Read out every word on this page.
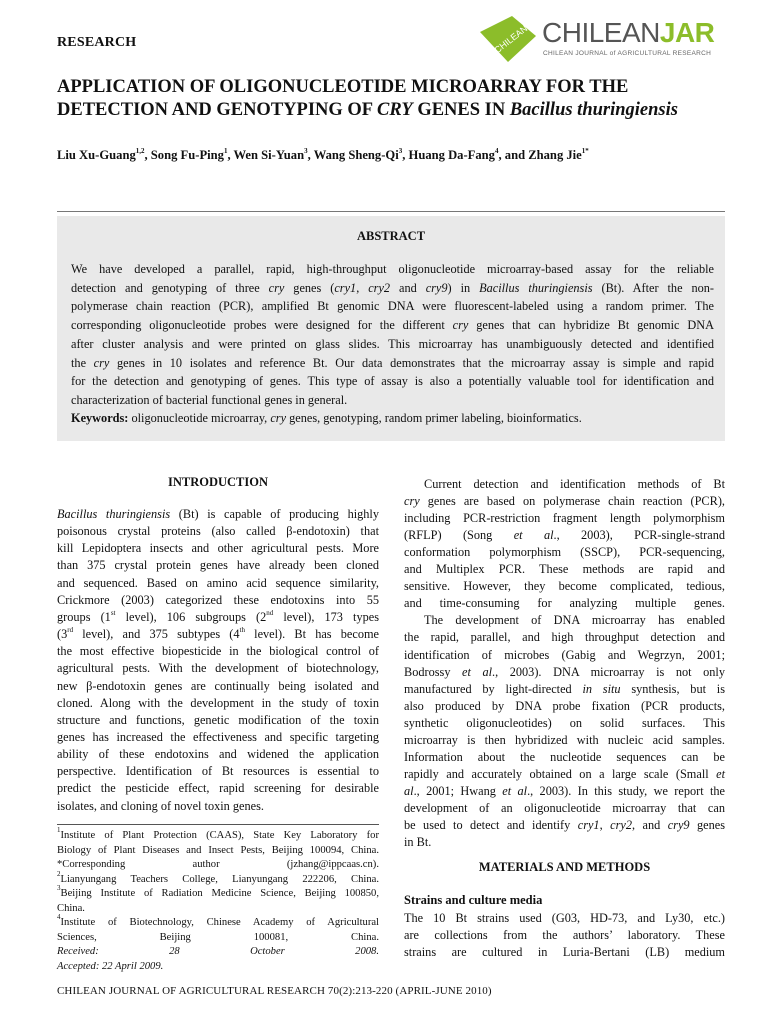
RESEARCH	CHILEAN JAR
CHILEANJAR
CHILEAN JOURNAL of AGRICULTURAL RESEARCH
APPLICATION OF OLIGONUCLEOTIDE MICROARRAY FOR THE
DETECTION AND GENOTYPING OF CRY GENES IN Bacillus thuringiensis
Liu Xu-Guang$^{1,2}$, Song Fu-Ping$^1$, Wen Si-Yuan$^3$, Wang Sheng-Qi$^3$, Huang Da-Fang$^4$, and Zhang Jie$^{1*}$
ABSTRACT
We have developed a parallel, rapid, high-throughput oligonucleotide microarray-based assay for the reliable
detection and genotyping of three cry genes (cry1, cry2 and cry9) in Bacillus thuringiensis (Bt). After the non-
polymerase chain reaction (PCR), amplified Bt genomic DNA were fluorescent-labeled using a random primer. The
corresponding oligonucleotide probes were designed for the different cry genes that can hybridize Bt genomic DNA
after cluster analysis and were printed on glass slides. This microarray has unambiguously detected and identified
the cry genes in 10 isolates and reference Bt. Our data demonstrates that the microarray assay is simple and rapid
for the detection and genotyping of genes. This type of assay is also a potentially valuable tool for identification and
characterization of bacterial functional genes in general.
Keywords: oligonucleotide microarray, cry genes, genotyping, random primer labeling, bioinformatics.
INTRODUCTION
Bacillus thuringiensis (Bt) is capable of producing highly
poisonous crystal proteins (also called β-endotoxin) that
kill Lepidoptera insects and other agricultural pests. More
than 375 crystal protein genes have already been cloned
and sequenced. Based on amino acid sequence similarity,
Crickmore (2003) categorized these endotoxins into 55
groups (1st level), 106 subgroups (2nd level), 173 types
(3rd level), and 375 subtypes (4th level). Bt has become
the most effective biopesticide in the biological control of
agricultural pests. With the development of biotechnology,
new β-endotoxin genes are continually being isolated and
cloned. Along with the development in the study of toxin
structure and functions, genetic modification of the toxin
genes has increased the effectiveness and specific targeting
ability of these endotoxins and widened the application
perspective. Identification of Bt resources is essential to
predict the pesticide effect, rapid screening for desirable
isolates, and cloning of novel toxin genes.
$^1$Institute of Plant Protection (CAAS), State Key Laboratory for
Biology of Plant Diseases and Insect Pests, Beijing 100094, China.
*Corresponding author (jzhang@ippcaas.cn).
$^2$Lianyungang Teachers College, Lianyungang 222206, China.
$^3$Beijing Institute of Radiation Medicine Science, Beijing 100850,
China.
$^4$Institute of Biotechnology, Chinese Academy of Agricultural
Sciences, Beijing 100081, China.
Received: 28 October 2008.
Accepted: 22 April 2009.
Current detection and identification methods of Bt
cry genes are based on polymerase chain reaction (PCR),
including PCR-restriction fragment length polymorphism
(RFLP) (Song et al., 2003), PCR-single-strand
conformation polymorphism (SSCP), PCR-sequencing,
and Multiplex PCR. These methods are rapid and
sensitive. However, they become complicated, tedious,
and time-consuming for analyzing multiple genes.
The development of DNA microarray has enabled
the rapid, parallel, and high throughput detection and
identification of microbes (Gabig and Wegrzyn, 2001;
Bodrossy et al., 2003). DNA microarray is not only
manufactured by light-directed in situ synthesis, but is
also produced by DNA probe fixation (PCR products,
synthetic oligonucleotides) on solid surfaces. This
microarray is then hybridized with nucleic acid samples.
Information about the nucleotide sequences can be
rapidly and accurately obtained on a large scale (Small et
al., 2001; Hwang et al., 2003). In this study, we report the
development of an oligonucleotide microarray that can
be used to detect and identify cry1, cry2, and cry9 genes
in Bt.
MATERIALS AND METHODS
Strains and culture media
The 10 Bt strains used (G03, HD-73, and Ly30, etc.)
are collections from the authors’ laboratory. These
strains are cultured in Luria-Bertani (LB) medium
CHILEAN JOURNAL OF AGRICULTURAL RESEARCH 70(2):213-220 (APRIL-JUNE 2010)
